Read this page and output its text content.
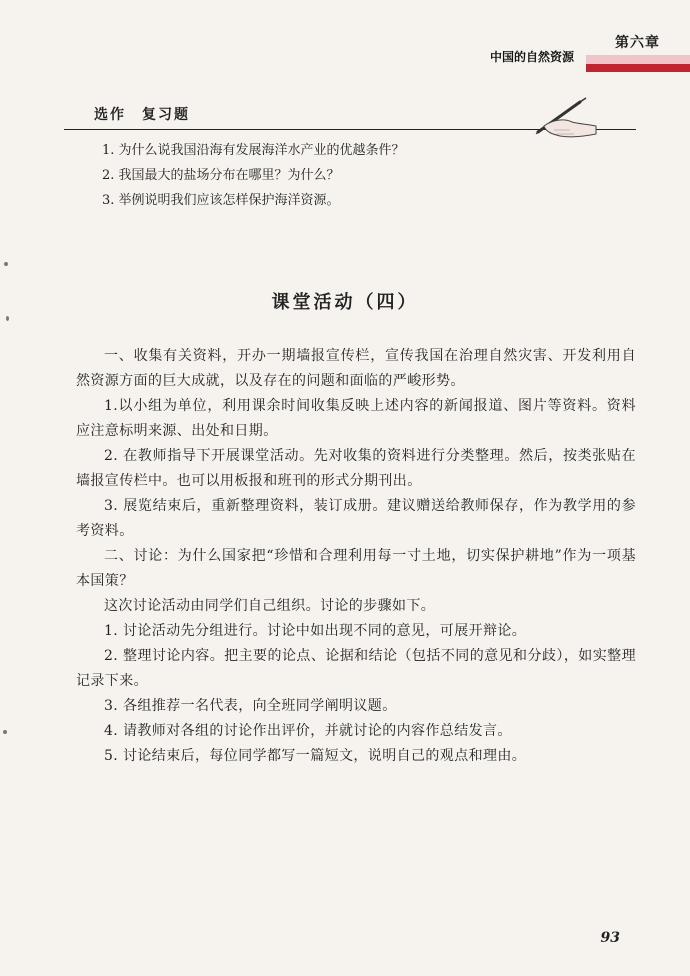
第六章
中国的自然资源
选作　复习题
1. 为什么说我国沿海有发展海洋水产业的优越条件？
2. 我国最大的盐场分布在哪里？为什么？
3. 举例说明我们应该怎样保护海洋资源。
课堂活动（四）

一、收集有关资料，开办一期墙报宣传栏，宣传我国在治理自然灾害、开发利用自然资源方面的巨大成就，以及存在的问题和面临的严峻形势。

1.以小组为单位，利用课余时间收集反映上述内容的新闻报道、图片等资料。资料应注意标明来源、出处和日期。

2. 在教师指导下开展课堂活动。先对收集的资料进行分类整理。然后，按类张贴在墙报宣传栏中。也可以用板报和班刊的形式分期刊出。

3. 展览结束后，重新整理资料，装订成册。建议赠送给教师保存，作为教学用的参考资料。

二、讨论：为什么国家把“珍惜和合理利用每一寸土地，切实保护耕地”作为一项基本国策？

这次讨论活动由同学们自己组织。讨论的步骤如下。

1. 讨论活动先分组进行。讨论中如出现不同的意见，可展开辩论。

2. 整理讨论内容。把主要的论点、论据和结论（包括不同的意见和分歧），如实整理记录下来。

3. 各组推荐一名代表，向全班同学阐明议题。

4. 请教师对各组的讨论作出评价，并就讨论的内容作总结发言。

5. 讨论结束后，每位同学都写一篇短文，说明自己的观点和理由。

93
